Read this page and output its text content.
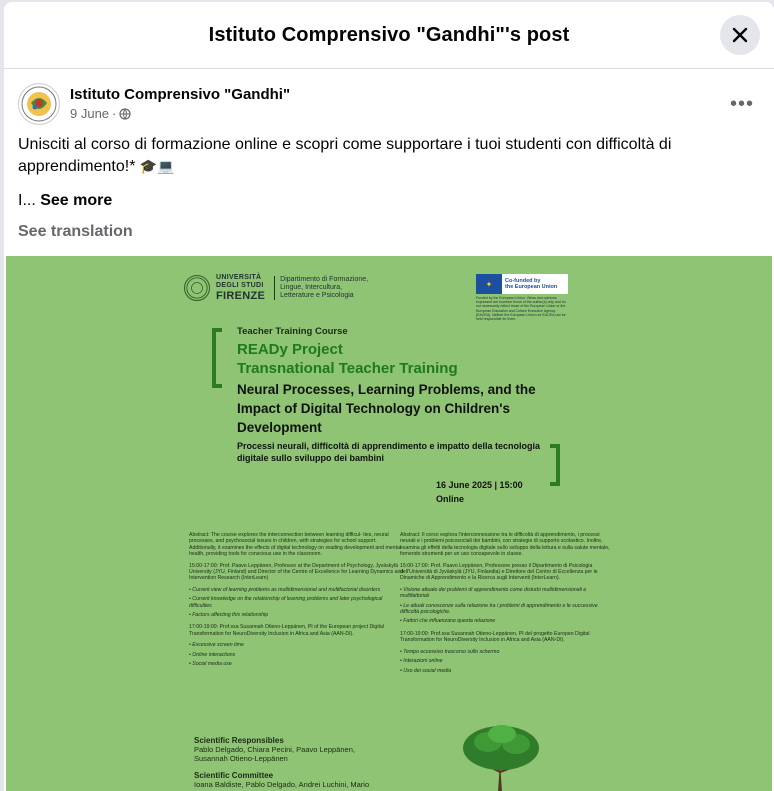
Istituto Comprensivo "Gandhi"'s post
Istituto Comprensivo "Gandhi"
9 June ·	•••
Unisciti al corso di formazione online e scopri come supportare i tuoi studenti con difficoltà di apprendimento!* 🎓💻
I... See more
See translation
UNIVERSITÀ
DEGLI STUDI
FIRENZE
Dipartimento di Formazione,
Lingue, Intercultura,
Letterature e Psicologia
✦	Co-funded by
the European Union
Funded by the European Union. Views and opinions expressed are however those of the author(s) only and do not necessarily reflect those of the European Union or the European Education and Culture Executive Agency (EACEA). Neither the European Union nor EACEA can be held responsible for them.
Teacher Training Course
READy Project
Transnational Teacher Training
Neural Processes, Learning Problems, and the Impact of Digital Technology on Children's Development
Processi neurali, difficoltà di apprendimento e impatto della tecnologia digitale sullo sviluppo dei bambini
16 June 2025 | 15:00
Online

Abstract: The course explores the interconnection between learning difficul- ties, neural processes, and psychosocial issues in children, with strategies for school support. Additionally, it examines the effects of digital technology on reading development and mental health, providing tools for conscious use in the classroom.

15:00-17:00: Prof. Paavo Leppänen, Professor at the Department of Psychology, Jyväskylä University (JYU, Finland) and Director of the Centre of Excellence for Learning Dynamics and Intervention Research (InterLearn)

• Current view of learning problems as multidimensional and multifactorial disorders
• Current knowledge on the relationship of learning problems and later psychological difficulties
• Factors affecting this relationship

17:00-19:00: Prof.ssa Susannah Otieno-Leppänen, PI of the European project Digital Transformation for NeuroDiversity Inclusion in Africa and Asia (AAN-DI).

• Excessive screen time
• Online interactions
• Social media use

Abstract: Il corso esplora l'interconnessione tra le difficoltà di apprendimento, i processi neurali e i problemi psicosociali dei bambini, con strategie di supporto scolastico. Inoltre, esamina gli effetti della tecnologia digitale sullo sviluppo della lettura e sulla salute mentale, fornendo strumenti per un uso consapevole in classe.

15:00-17:00: Prof. Paavo Leppänen, Professore presso il Dipartimento di Psicologia dell'Università di Jyväskylä (JYU, Finlandia) e Direttore del Centro di Eccellenza per le Dinamiche di Apprendimento e la Ricerca sugli Interventi (InterLearn).

• Visione attuale dei problemi di apprendimento come disturbi multidimensionali e multifattoriali
• Le attuali conoscenze sulla relazione tra i problemi di apprendimento e le successive difficoltà psicologiche.
• Fattori che influenzano questa relazione

17:00-19:00: Prof.ssa Susannah Otieno-Leppänen, PI del progetto Europeo Digital Transformation for NeuroDiversity Inclusion in Africa and Asia (AAN-DI).

• Tempo eccessivo trascorso sullo schermo
• Interazioni online
• Uso dei social media
Scientific Responsibles
Pablo Delgado, Chiara Pecini, Paavo Leppänen, Susannah Otieno-Leppänen
Scientific Committee
Ioana Baldiste, Pablo Delgado, Andrei Luchini, Mario
